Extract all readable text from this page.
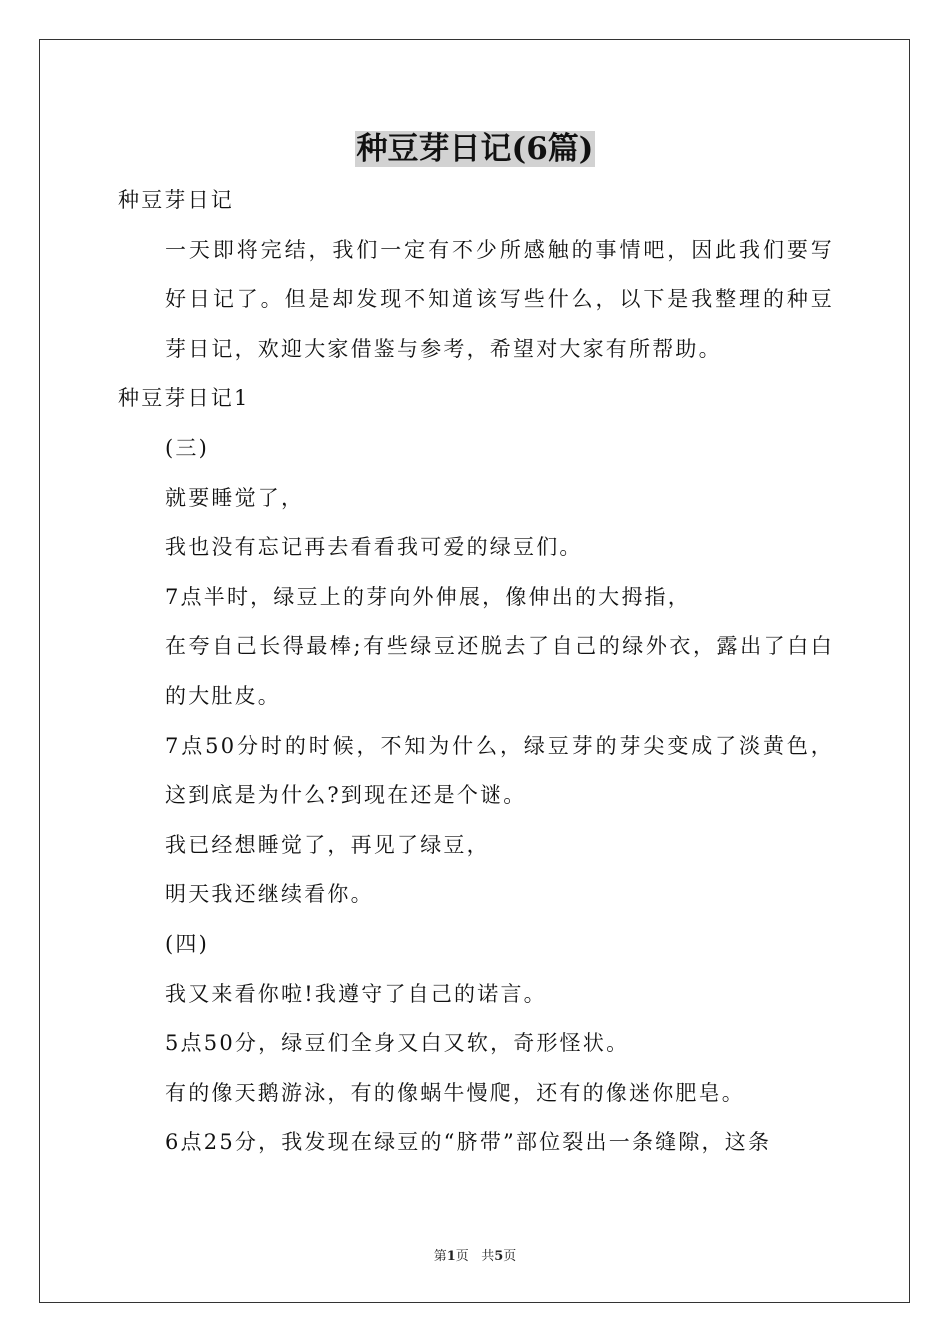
种豆芽日记(6篇)

种豆芽日记

一天即将完结，我们一定有不少所感触的事情吧，因此我们要写好日记了。但是却发现不知道该写些什么，以下是我整理的种豆芽日记，欢迎大家借鉴与参考，希望对大家有所帮助。

种豆芽日记1

(三)

就要睡觉了，

我也没有忘记再去看看我可爱的绿豆们。

7点半时，绿豆上的芽向外伸展，像伸出的大拇指，

在夸自己长得最棒;有些绿豆还脱去了自己的绿外衣，露出了白白的大肚皮。

7点50分时的时候，不知为什么，绿豆芽的芽尖变成了淡黄色，这到底是为什么?到现在还是个谜。

我已经想睡觉了，再见了绿豆，

明天我还继续看你。

(四)

我又来看你啦!我遵守了自己的诺言。

5点50分，绿豆们全身又白又软，奇形怪状。

有的像天鹅游泳，有的像蜗牛慢爬，还有的像迷你肥皂。

6点25分，我发现在绿豆的“脐带”部位裂出一条缝隙，这条

第1页 共5页
